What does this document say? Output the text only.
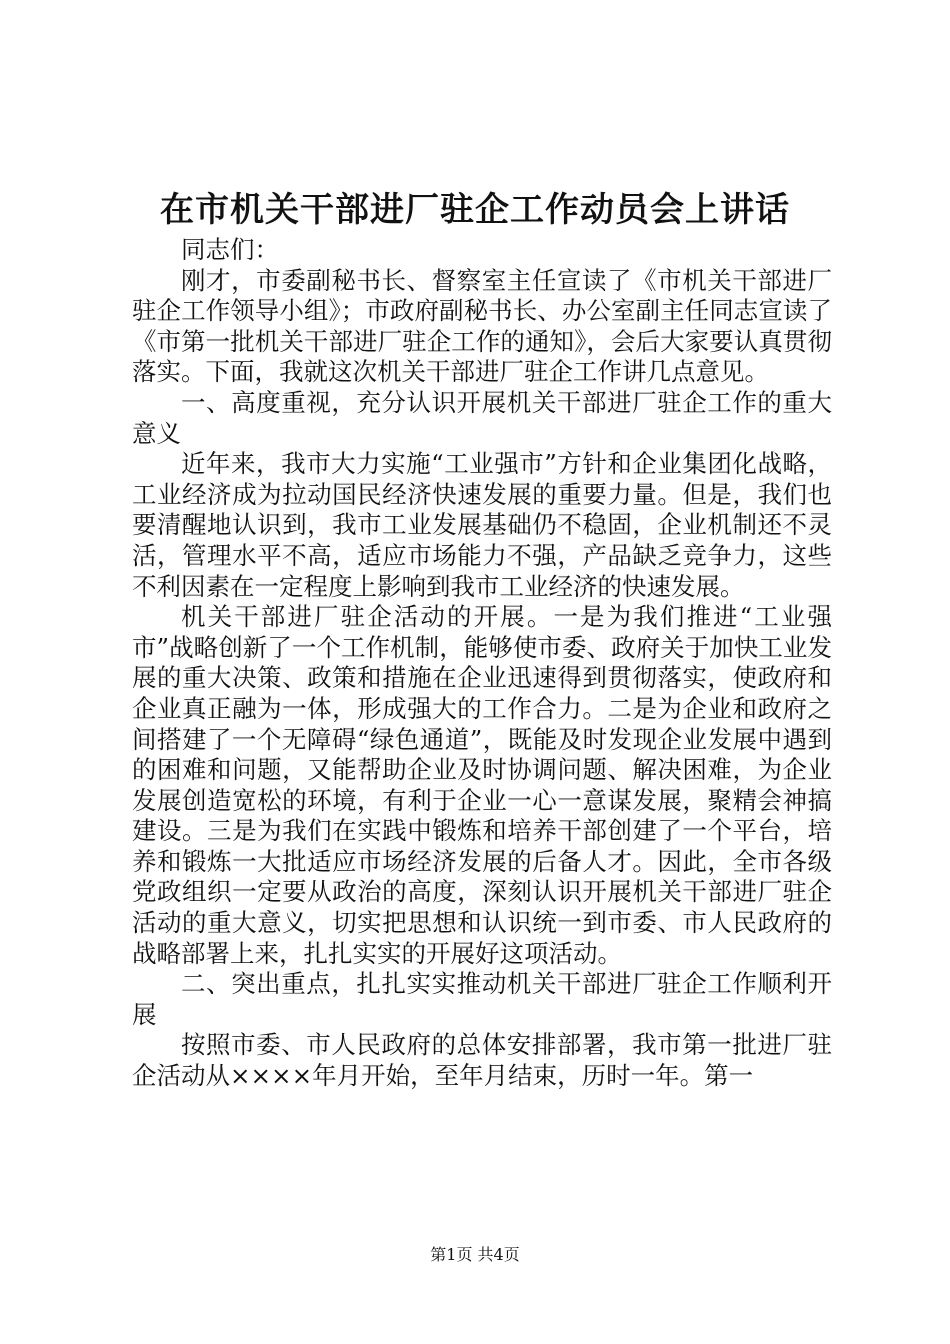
在市机关干部进厂驻企工作动员会上讲话

同志们：

刚才，市委副秘书长、督察室主任宣读了《市机关干部进厂驻企工作领导小组》；市政府副秘书长、办公室副主任同志宣读了《市第一批机关干部进厂驻企工作的通知》，会后大家要认真贯彻落实。下面，我就这次机关干部进厂驻企工作讲几点意见。

一、高度重视，充分认识开展机关干部进厂驻企工作的重大意义

近年来，我市大力实施“工业强市”方针和企业集团化战略，工业经济成为拉动国民经济快速发展的重要力量。但是，我们也要清醒地认识到，我市工业发展基础仍不稳固，企业机制还不灵活，管理水平不高，适应市场能力不强，产品缺乏竞争力，这些不利因素在一定程度上影响到我市工业经济的快速发展。

机关干部进厂驻企活动的开展。一是为我们推进“工业强市”战略创新了一个工作机制，能够使市委、政府关于加快工业发展的重大决策、政策和措施在企业迅速得到贯彻落实，使政府和企业真正融为一体，形成强大的工作合力。二是为企业和政府之间搭建了一个无障碍“绿色通道”，既能及时发现企业发展中遇到的困难和问题，又能帮助企业及时协调问题、解决困难，为企业发展创造宽松的环境，有利于企业一心一意谋发展，聚精会神搞建设。三是为我们在实践中锻炼和培养干部创建了一个平台，培养和锻炼一大批适应市场经济发展的后备人才。因此，全市各级党政组织一定要从政治的高度，深刻认识开展机关干部进厂驻企活动的重大意义，切实把思想和认识统一到市委、市人民政府的战略部署上来，扎扎实实的开展好这项活动。

二、突出重点，扎扎实实推动机关干部进厂驻企工作顺利开展

按照市委、市人民政府的总体安排部署，我市第一批进厂驻企活动从××××年月开始，至年月结束，历时一年。第一

第1页 共4页
